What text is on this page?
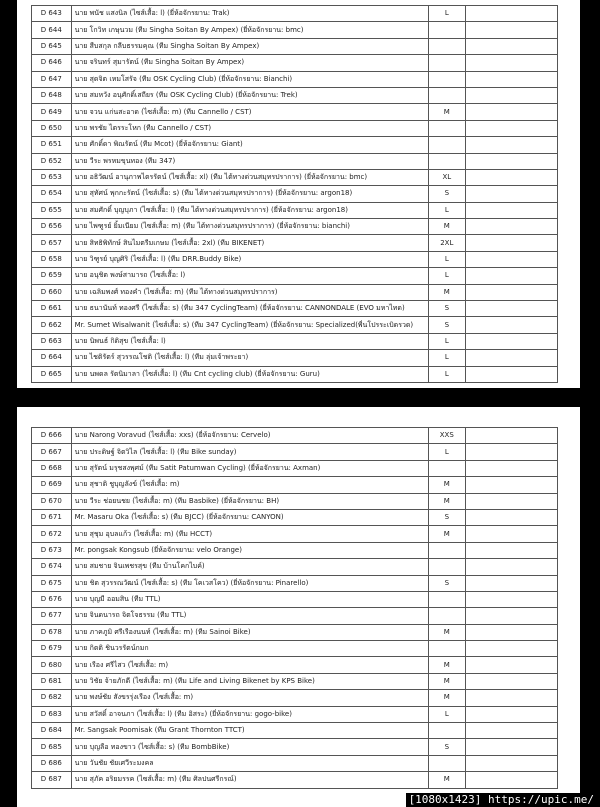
D 643	นาย พนัช แสงนิล (ไซส์เสื้อ: l) (ยี่ห้อจักรยาน: Trak)	L	
D 644	นาย โกวิท เกษุนวม (ทีม Singha Soitan By Ampex) (ยี่ห้อจักรยาน: bmc)		
D 645	นาย สืบสกุล กลีบธรรมคุณ (ทีม Singha Soitan By Ampex)		
D 646	นาย จรินทร์ สุมารัตน์ (ทีม Singha Soitan By Ampex)		
D 647	นาย สุดจิต เหมโสรัจ (ทีม OSK Cycling Club) (ยี่ห้อจักรยาน: Bianchi)		
D 648	นาย สมหวัง อนุศักดิ์เสถียร (ทีม OSK Cycling Club) (ยี่ห้อจักรยาน: Trek)		
D 649	นาย จวน แก่นสะอาด (ไซส์เสื้อ: m) (ทีม Cannello / CST)	M	
D 650	นาย พรชัย ไตรระโหก (ทีม Cannello / CST)		
D 651	นาย ศักดิ์ดา พิณรัตน์ (ทีม Mcot) (ยี่ห้อจักรยาน: Giant)		
D 652	นาย วีระ พรหมขุนทอง (ทีม 347)		
D 653	นาย อธิวัฒน์ อานุภาพไตรรัตน์ (ไซส์เสื้อ: xl) (ทีม ไต้ทางด่วนสมุทรปราการ) (ยี่ห้อจักรยาน: bmc)	XL	
D 654	นาย สุทัศน์ พุกกะรัตน์ (ไซส์เสื้อ: s) (ทีม ไต้ทางด่วนสมุทรปราการ) (ยี่ห้อจักรยาน: argon18)	S	
D 655	นาย สมศักดิ์ บุญบุภา (ไซส์เสื้อ: l) (ทีม ไต้ทางด่วนสมุทรปราการ) (ยี่ห้อจักรยาน: argon18)	L	
D 656	นาย ไพฑูรย์ ยิ้มเนียม (ไซส์เสื้อ: m) (ทีม ไต้ทางด่วนสมุทรปราการ) (ยี่ห้อจักรยาน: bianchi)	M	
D 657	นาย สิทธิพิทักษ์ สินไมตรีมเกษม (ไซส์เสื้อ: 2xl) (ทีม BIKENET)	2XL	
D 658	นาย วิฑูรย์ บุญศิริ (ไซส์เสื้อ: l) (ทีม DRR.Buddy Bike)	L	
D 659	นาย อนุชิต พงษ์สามารถ (ไซส์เสื้อ: l)	L	
D 660	นาย เฉลิมพงศ์ ทองคำ (ไซส์เสื้อ: m) (ทีม ไต้ทางด่วนสมุทรปราการ)	M	
D 661	นาย ธนานันท์ ทองศรี (ไซส์เสื้อ: s) (ทีม 347 CyclingTeam) (ยี่ห้อจักรยาน: CANNONDALE (EVO มหาไทด)	S	
D 662	Mr. Sumet Wisalwanit (ไซส์เสื้อ: s) (ทีม 347 CyclingTeam) (ยี่ห้อจักรยาน: Specialized(พื่นโปรระเบิดรวด)	S	
D 663	นาย นิพนธ์ กิติสุข (ไซส์เสื้อ: l)	L	
D 664	นาย ไชติรัตร์ สุวรรณโชติ (ไซส์เสื้อ: l) (ทีม ลุ่มเจ้าพระยา)	L	
D 665	นาย นพดล รัตนิมาลา (ไซส์เสื้อ: l) (ทีม Cnt cycling club) (ยี่ห้อจักรยาน: Guru)	L	
D 666	นาย Narong Voravud (ไซส์เสื้อ: xxs) (ยี่ห้อจักรยาน: Cervelo)	XXS	
D 667	นาย ประดิษฐ์ จิตวิไล (ไซส์เสื้อ: l) (ทีม Bike sunday)	L	
D 668	นาย สุรัตน์ มรุชสงพุศม์ (ทีม Satit Patumwan Cycling) (ยี่ห้อจักรยาน: Axman)		
D 669	นาย สุชาติ ชูบุญลังข์ (ไซส์เสื้อ: m)	M	
D 670	นาย วีระ ช่อยนชย (ไซส์เสื้อ: m) (ทีม Basbike) (ยี่ห้อจักรยาน: BH)	M	
D 671	Mr. Masaru Oka (ไซส์เสื้อ: s) (ทีม BJCC) (ยี่ห้อจักรยาน: CANYON)	S	
D 672	นาย สุชุม อุบลแก้ว (ไซส์เสื้อ: m) (ทีม HCCT)	M	
D 673	Mr. pongsak Kongsub (ยี่ห้อจักรยาน: velo Orange)		
D 674	นาย สมชาย จินเพชรสุข (ทีม บ้านโคกไบค์)		
D 675	นาย ชิต สุวรรณวัฒน์ (ไซส์เสื้อ: s) (ทีม โคเวสโคว) (ยี่ห้อจักรยาน: Pinarello)	S	
D 676	นาย บุญมี ออมสิน (ทีม TTL)		
D 677	นาย จินดนารถ จิตโจธรรม (ทีม TTL)		
D 678	นาย ภาคภูมิ ศรีเรืองนนท์ (ไซส์เสื้อ: m) (ทีม Sainoi Bike)	M	
D 679	นาย กิตติ ชินวรรัตน์กมก		
D 680	นาย เรือง ศรีไสว (ไซส์เสื้อ: m)	M	
D 681	นาย วิชัย จ้ายภักดี (ไซส์เสื้อ: m) (ทีม Life and Living Bikenet by KPS Bike)	M	
D 682	นาย พงษ์ชัย สังขรรุ่งเรือง (ไซส์เสื้อ: m)	M	
D 683	นาย สวัสดิ์ อาจนภา (ไซส์เสื้อ: l) (ทีม อิสระ) (ยี่ห้อจักรยาน: gogo-bike)	L	
D 684	Mr. Sangsak Poomisak (ทีม Grant Thornton TTCT)		
D 685	นาย บุญลือ ทองขาว (ไซส์เสื้อ: s) (ทีม BombBike)	S	
D 686	นาย วันชัย ชัยเศวีระมงคล		
D 687	นาย สุภัค อริยมรรค (ไซส์เสื้อ: m) (ทีม ศิลปนศรีกรณ์)	M	
[1080x1423] https://upic.me/
